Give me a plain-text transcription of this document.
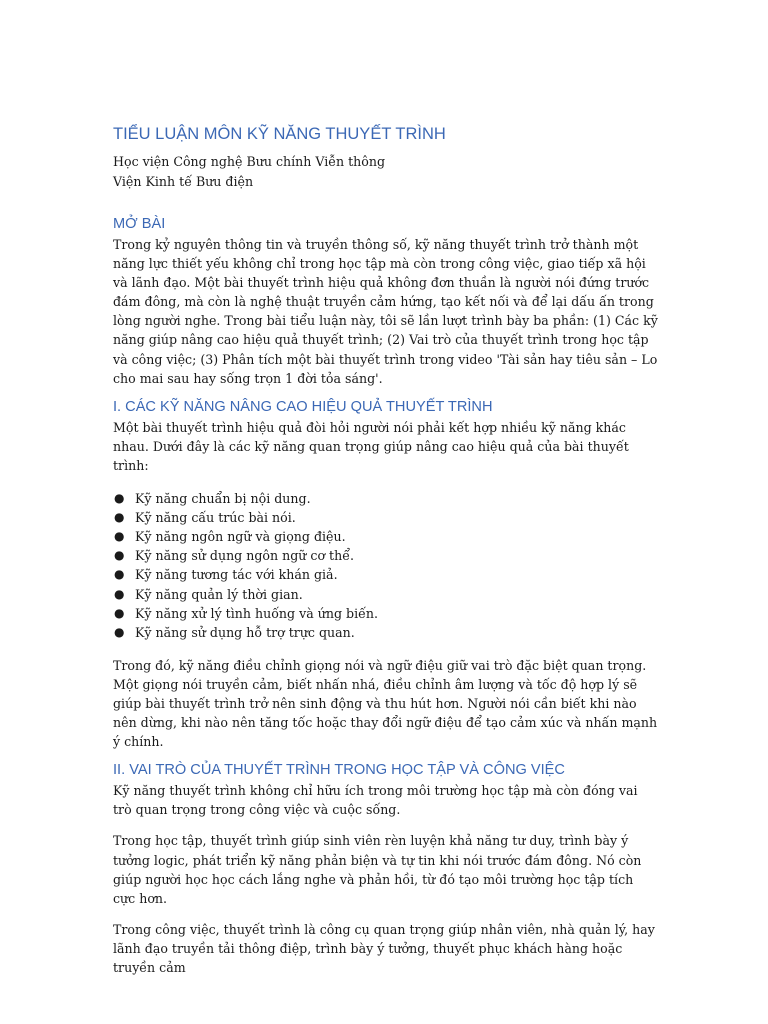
TIỂU LUẬN MÔN KỸ NĂNG THUYẾT TRÌNH

Học viện Công nghệ Bưu chính Viễn thông

Viện Kinh tế Bưu điện

MỞ BÀI

Trong kỷ nguyên thông tin và truyền thông số, kỹ năng thuyết trình trở thành một năng lực thiết yếu không chỉ trong học tập mà còn trong công việc, giao tiếp xã hội và lãnh đạo. Một bài thuyết trình hiệu quả không đơn thuần là người nói đứng trước đám đông, mà còn là nghệ thuật truyền cảm hứng, tạo kết nối và để lại dấu ấn trong lòng người nghe. Trong bài tiểu luận này, tôi sẽ lần lượt trình bày ba phần: (1) Các kỹ năng giúp nâng cao hiệu quả thuyết trình; (2) Vai trò của thuyết trình trong học tập và công việc; (3) Phân tích một bài thuyết trình trong video 'Tài sản hay tiêu sản – Lo cho mai sau hay sống trọn 1 đời tỏa sáng'.

I. CÁC KỸ NĂNG NÂNG CAO HIỆU QUẢ THUYẾT TRÌNH

Một bài thuyết trình hiệu quả đòi hỏi người nói phải kết hợp nhiều kỹ năng khác nhau. Dưới đây là các kỹ năng quan trọng giúp nâng cao hiệu quả của bài thuyết trình:

● Kỹ năng chuẩn bị nội dung.
● Kỹ năng cấu trúc bài nói.
● Kỹ năng ngôn ngữ và giọng điệu.
● Kỹ năng sử dụng ngôn ngữ cơ thể.
● Kỹ năng tương tác với khán giả.
● Kỹ năng quản lý thời gian.
● Kỹ năng xử lý tình huống và ứng biến.
● Kỹ năng sử dụng hỗ trợ trực quan.

Trong đó, kỹ năng điều chỉnh giọng nói và ngữ điệu giữ vai trò đặc biệt quan trọng. Một giọng nói truyền cảm, biết nhấn nhá, điều chỉnh âm lượng và tốc độ hợp lý sẽ giúp bài thuyết trình trở nên sinh động và thu hút hơn. Người nói cần biết khi nào nên dừng, khi nào nên tăng tốc hoặc thay đổi ngữ điệu để tạo cảm xúc và nhấn mạnh ý chính.

II. VAI TRÒ CỦA THUYẾT TRÌNH TRONG HỌC TẬP VÀ CÔNG VIỆC

Kỹ năng thuyết trình không chỉ hữu ích trong môi trường học tập mà còn đóng vai trò quan trọng trong công việc và cuộc sống.

Trong học tập, thuyết trình giúp sinh viên rèn luyện khả năng tư duy, trình bày ý tưởng logic, phát triển kỹ năng phản biện và tự tin khi nói trước đám đông. Nó còn giúp người học học cách lắng nghe và phản hồi, từ đó tạo môi trường học tập tích cực hơn.

Trong công việc, thuyết trình là công cụ quan trọng giúp nhân viên, nhà quản lý, hay lãnh đạo truyền tải thông điệp, trình bày ý tưởng, thuyết phục khách hàng hoặc truyền cảm
